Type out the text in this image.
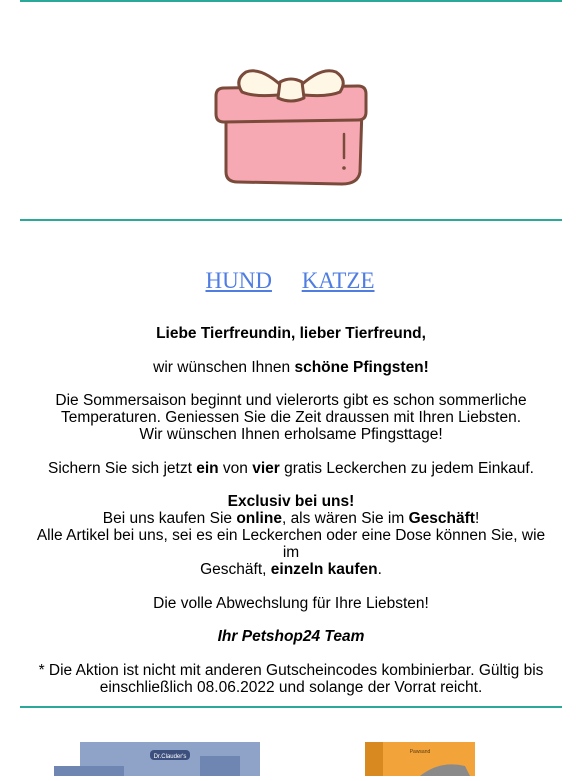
HUND KATZE

Liebe Tierfreundin, lieber Tierfreund,

wir wünschen Ihnen schöne Pfingsten!

Die Sommersaison beginnt und vielerorts gibt es schon sommerliche
Temperaturen. Geniessen Sie die Zeit draussen mit Ihren Liebsten.
Wir wünschen Ihnen erholsame Pfingsttage!

Sichern Sie sich jetzt ein von vier gratis Leckerchen zu jedem Einkauf.

Exclusiv bei uns!
Bei uns kaufen Sie online, als wären Sie im Geschäft!
Alle Artikel bei uns, sei es ein Leckerchen oder eine Dose können Sie, wie im
Geschäft, einzeln kaufen.

Die volle Abwechslung für Ihre Liebsten!

Ihr Petshop24 Team

* Die Aktion ist nicht mit anderen Gutscheincodes kombinierbar. Gültig bis
einschließlich 08.06.2022 und solange der Vorrat reicht.

Dr.Clauder's
Pawsand
